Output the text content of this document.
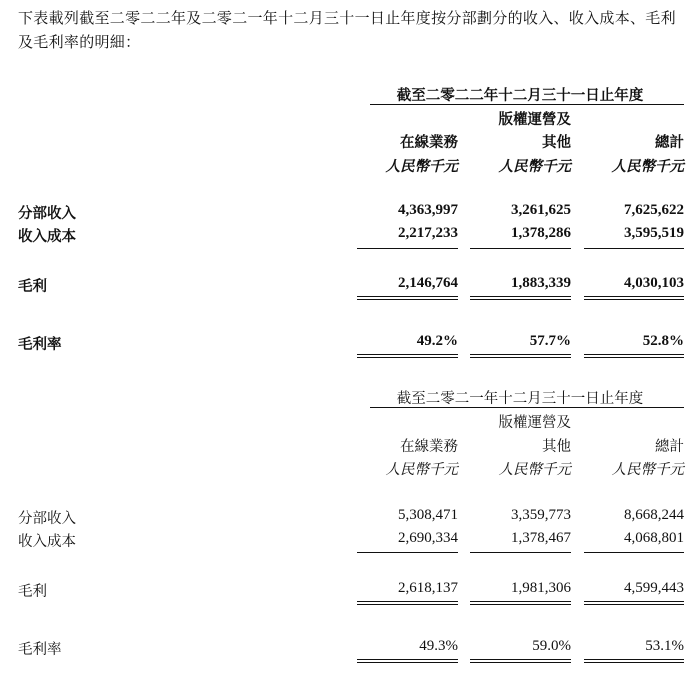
下表載列截至二零二二年及二零二一年十二月三十一日止年度按分部劃分的收入、收入成本、毛利及毛利率的明細：
截至二零二二年十二月三十一日止年度
版權運營及
在線業務	其他	總計
人民幣千元	人民幣千元	人民幣千元
分部收入	4,363,997	3,261,625	7,625,622
收入成本	2,217,233	1,378,286	3,595,519
毛利	2,146,764	1,883,339	4,030,103
毛利率	49.2%	57.7%	52.8%
截至二零二一年十二月三十一日止年度
版權運營及
在線業務	其他	總計
人民幣千元	人民幣千元	人民幣千元
分部收入	5,308,471	3,359,773	8,668,244
收入成本	2,690,334	1,378,467	4,068,801
毛利	2,618,137	1,981,306	4,599,443
毛利率	49.3%	59.0%	53.1%
